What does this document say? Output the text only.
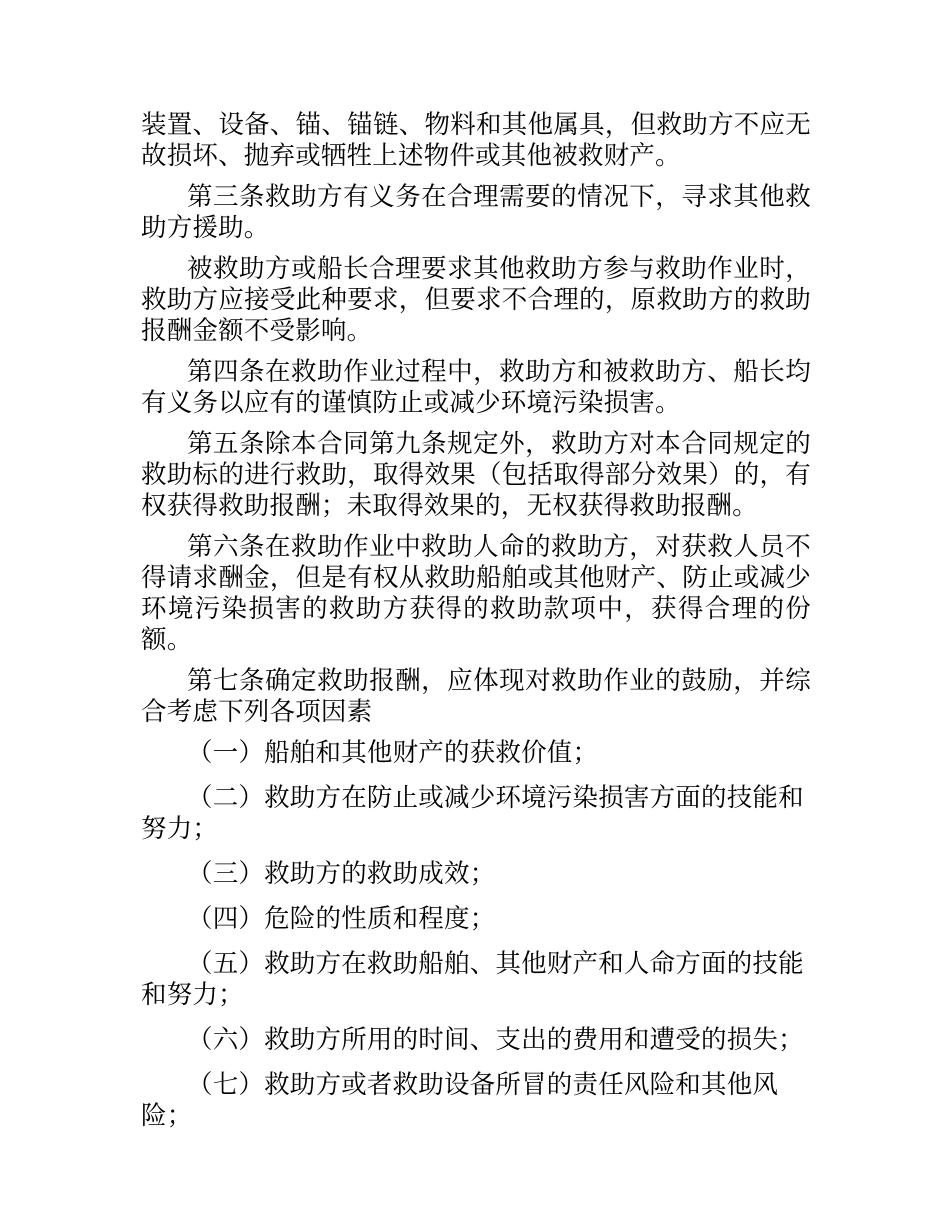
装置、设备、锚、锚链、物料和其他属具，但救助方不应无故损坏、抛弃或牺牲上述物件或其他被救财产。

第三条救助方有义务在合理需要的情况下，寻求其他救助方援助。

被救助方或船长合理要求其他救助方参与救助作业时，救助方应接受此种要求，但要求不合理的，原救助方的救助报酬金额不受影响。

第四条在救助作业过程中，救助方和被救助方、船长均有义务以应有的谨慎防止或减少环境污染损害。

第五条除本合同第九条规定外，救助方对本合同规定的救助标的进行救助，取得效果（包括取得部分效果）的，有权获得救助报酬；未取得效果的，无权获得救助报酬。

第六条在救助作业中救助人命的救助方，对获救人员不得请求酬金，但是有权从救助船舶或其他财产、防止或减少环境污染损害的救助方获得的救助款项中，获得合理的份额。

第七条确定救助报酬，应体现对救助作业的鼓励，并综合考虑下列各项因素

（一）船舶和其他财产的获救价值；

（二）救助方在防止或减少环境污染损害方面的技能和努力；

（三）救助方的救助成效；

（四）危险的性质和程度；

（五）救助方在救助船舶、其他财产和人命方面的技能和努力；

（六）救助方所用的时间、支出的费用和遭受的损失；

（七）救助方或者救助设备所冒的责任风险和其他风险；
